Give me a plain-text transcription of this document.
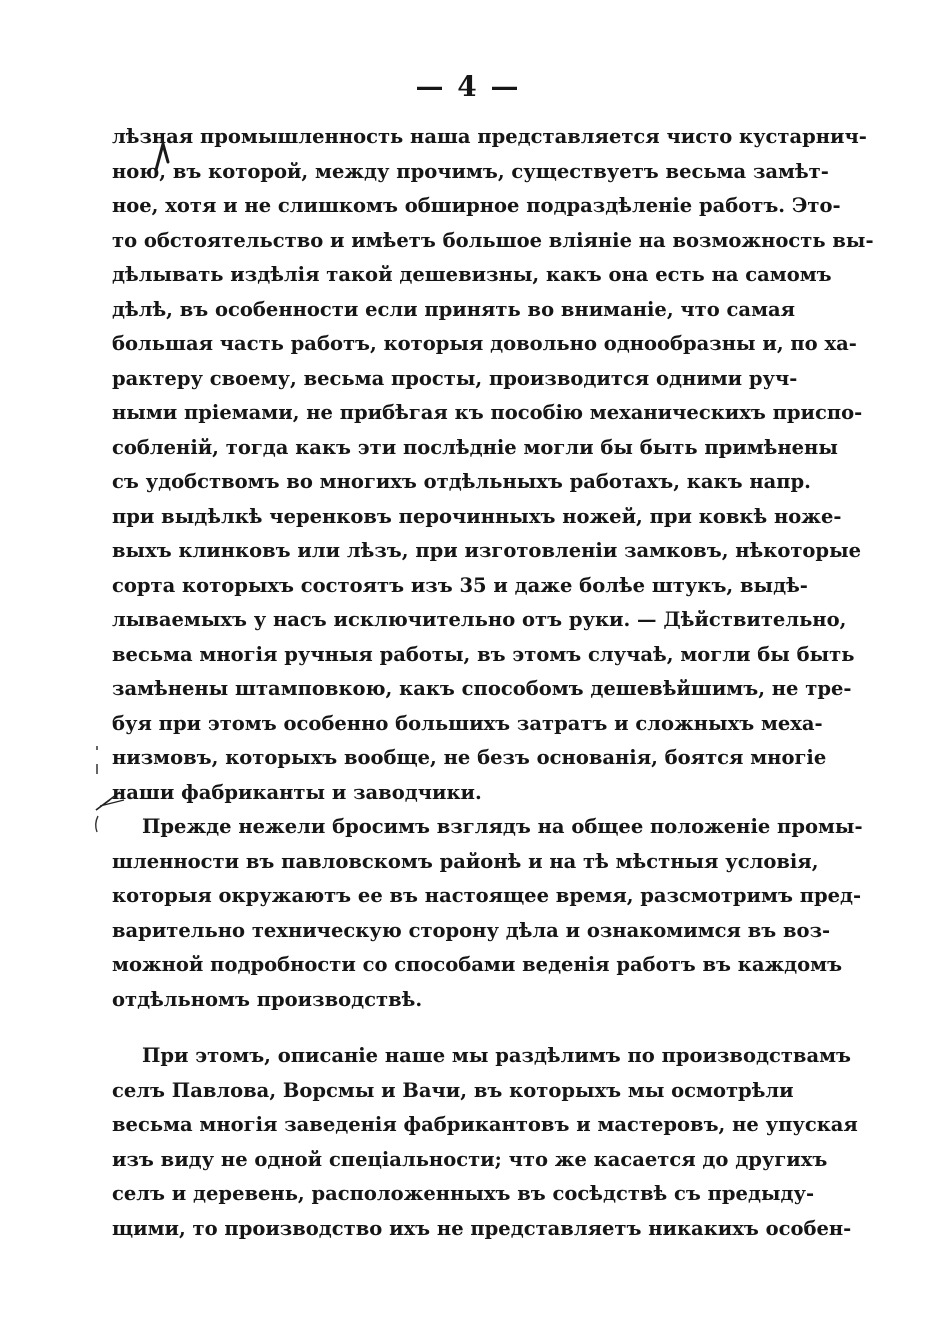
— 4 —
лѣзная промышленность наша представляется чисто кустарнич-
ною, въ которой, между прочимъ, существуетъ весьма замѣт-
ное, хотя и не слишкомъ обширное подраздѣленіе работъ. Это-
то обстоятельство и имѣетъ большое вліяніе на возможность вы-
дѣлывать издѣлія такой дешевизны, какъ она есть на самомъ
дѣлѣ, въ особенности если принять во вниманіе, что самая
большая часть работъ, которыя довольно однообразны и, по ха-
рактеру своему, весьма просты, производится одними руч-
ными пріемами, не прибѣгая къ пособію механическихъ приспо-
собленій, тогда какъ эти послѣдніе могли бы быть примѣнены
съ удобствомъ во многихъ отдѣльныхъ работахъ, какъ напр.
при выдѣлкѣ черенковъ перочинныхъ ножей, при ковкѣ ноже-
выхъ клинковъ или лѣзъ, при изготовленіи замковъ, нѣкоторые
сорта которыхъ состоятъ изъ 35 и даже болѣе штукъ, выдѣ-
лываемыхъ у насъ исключительно отъ руки. — Дѣйствительно,
весьма многія ручныя работы, въ этомъ случаѣ, могли бы быть
замѣнены штамповкою, какъ способомъ дешевѣйшимъ, не тре-
буя при этомъ особенно большихъ затратъ и сложныхъ меха-
низмовъ, которыхъ вообще, не безъ основанія, боятся многіе
наши фабриканты и заводчики.
Прежде нежели бросимъ взглядъ на общее положеніе промы-
шленности въ павловскомъ районѣ и на тѣ мѣстныя условія,
которыя окружаютъ ее въ настоящее время, разсмотримъ пред-
варительно техническую сторону дѣла и ознакомимся въ воз-
можной подробности со способами веденія работъ въ каждомъ
отдѣльномъ производствѣ.
При этомъ, описаніе наше мы раздѣлимъ по производствамъ
селъ Павлова, Ворсмы и Вачи, въ которыхъ мы осмотрѣли
весьма многія заведенія фабрикантовъ и мастеровъ, не упуская
изъ виду не одной спеціальности; что же касается до другихъ
селъ и деревень, расположенныхъ въ сосѣдствѣ съ предыду-
щими, то производство ихъ не представляетъ никакихъ особен-
